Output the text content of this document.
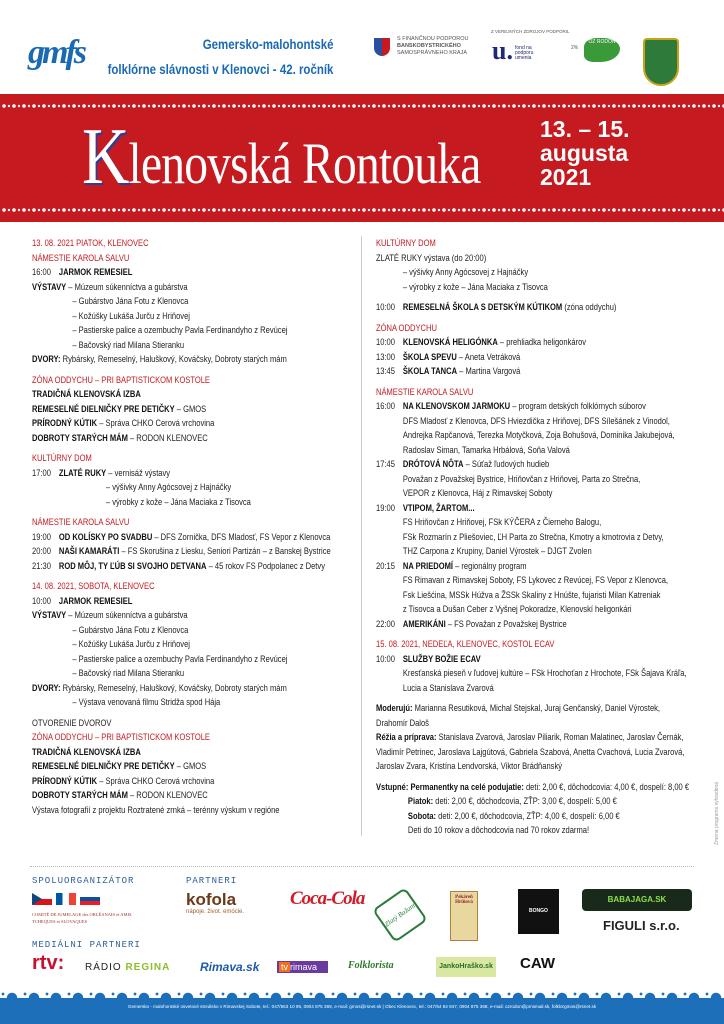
gmfs	Gemersko-malohontské
folklórne slávnosti v Klenovci - 42. ročník
S FINANČNOU PODPOROU
BANSKOBYSTRICKÉHO
SAMOSPRÁVNEHO KRAJA
Z VEREJNÝCH ZDROJOV PODPORIL
u. fond na podporu umenia
2%
OZ RODON
Klenovská Rontouka
13. – 15.
augusta
2021
13. 08. 2021 PIATOK, KLENOVEC
NÁMESTIE KAROLA SALVU
16:00 JARMOK REMESIEL
VÝSTAVY – Múzeum súkenníctva a gubárstva
– Gubárstvo Jána Fotu z Klenovca
– Kožúšky Lukáša Jurču z Hriňovej
– Pastierske palice a ozembuchy Pavla Ferdinandyho z Revúcej
– Bačovský riad Milana Stieranku
DVORY: Rybársky, Remeselný, Haluškový, Kováčsky, Dobroty starých mám
ZÓNA ODDYCHU – PRI BAPTISTICKOM KOSTOLE
TRADIČNÁ KLENOVSKÁ IZBA
REMESELNÉ DIELNIČKY PRE DETIČKY – GMOS
PRÍRODNÝ KÚTIK – Správa CHKO Cerová vrchovina
DOBROTY STARÝCH MÁM – RODON KLENOVEC
KULTÚRNY DOM
17:00 ZLATÉ RUKY – vernisáž výstavy
– výšivky Anny Agócsovej z Hajnáčky
– výrobky z kože – Jána Maciaka z Tisovca
NÁMESTIE KAROLA SALVU
19:00 OD KOLÍSKY PO SVADBU – DFS Zornička, DFS Mladosť, FS Vepor z Klenovca
20:00 NAŠI KAMARÁTI – FS Skorušina z Liesku, Seniori Partizán – z Banskej Bystrice
21:30 ROD MÔJ, TY ĽÚB SI SVOJHO DETVANA – 45 rokov FS Podpolanec z Detvy
14. 08. 2021, SOBOTA, KLENOVEC
10:00 JARMOK REMESIEL
VÝSTAVY – Múzeum súkenníctva a gubárstva
– Gubárstvo Jána Fotu z Klenovca
– Kožúšky Lukáša Jurču z Hriňovej
– Pastierske palice a ozembuchy Pavla Ferdinandyho z Revúcej
– Bačovský riad Milana Stieranku
DVORY: Rybársky, Remeselný, Haluškový, Kováčsky, Dobroty starých mám
– Výstava venovaná filmu Stridža spod Hája
OTVORENIE DVOROV
ZÓNA ODDYCHU – PRI BAPTISTICKOM KOSTOLE
TRADIČNÁ KLENOVSKÁ IZBA
REMESELNÉ DIELNIČKY PRE DETIČKY – GMOS
PRÍRODNÝ KÚTIK – Správa CHKO Cerová vrchovina
DOBROTY STARÝCH MÁM – RODON KLENOVEC
Výstava fotografií z projektu Roztratené zrnká – terénny výskum v regióne
KULTÚRNY DOM
ZLATÉ RUKY výstava (do 20:00)
– výšivky Anny Agócsovej z Hajnáčky
– výrobky z kože – Jána Maciaka z Tisovca
10:00 REMESELNÁ ŠKOLA S DETSKÝM KÚTIKOM (zóna oddychu)
ZÓNA ODDYCHU
10:00 KLENOVSKÁ HELIGÓNKA – prehliadka heligonkárov
13:00 ŠKOLA SPEVU – Aneta Vetráková
13:45 ŠKOLA TANCA – Martina Vargová
NÁMESTIE KAROLA SALVU
16:00 NA KLENOVSKOM JARMOKU – program detských folklórnych súborov
DFS Mladosť z Klenovca, DFS Hviezdička z Hriňovej, DFS Sílešánek z Vinodol,
Andrejka Rapčanová, Terezka Motyčková, Zoja Bohušová, Dominika Jakubejová,
Radoslav Siman, Tamarka Hrbálová, Soňa Valová
17:45 DRÓTOVÁ NÔTA – Súťaž ľudových hudieb
Považan z Považskej Bystrice, Hriňovčan z Hriňovej, Parta zo Strečna,
VEPOR z Klenovca, Háj z Rimavskej Soboty
19:00 VTIPOM, ŽARTOM...
FS Hriňovčan z Hriňovej, FSk KÝČERA z Čierneho Balogu,
FSk Rozmarín z Pliešoviec, ĽH Parta zo Strečna, Kmotry a kmotrovia z Detvy,
THZ Carpona z Krupiny, Daniel Výrostek – DJGT Zvolen
20:15 NA PRIEDOMÍ – regionálny program
FS Rimavan z Rimavskej Soboty, FS Lykovec z Revúcej, FS Vepor z Klenovca,
Fsk Liešćina, MSSk Húžva a ŽSSk Skaliny z Hnúšte, fujaristi Milan Katreniak
z Tisovca a Dušan Ceber z Vyšnej Pokoradze, Klenovskí heligonkári
22:00 AMERIKÁNI – FS Považan z Považskej Bystrice
15. 08. 2021, NEDEĽA, KLENOVEC, KOSTOL ECAV
10:00 SLUŽBY BOŽIE ECAV
Kresťanská pieseň v ľudovej kultúre – FSk Hrochoťan z Hrochote, FSk Šajava Kráľa,
Lucia a Stanislava Zvarová
Moderujú: Marianna Resutiková, Michal Stejskal, Juraj Genčanský, Daniel Výrostek,
Drahomír Daloš
Réžia a príprava: Stanislava Zvarová, Jaroslav Piliarik, Roman Malatinec, Jaroslav Černák,
Vladimír Petrinec, Jaroslava Lajgútová, Gabriela Szabová, Anetta Cvachová, Lucia Zvarová,
Jaroslav Zvara, Kristína Lendvorská, Viktor Brádňanský
Vstupné: Permanentky na celé podujatie: deti: 2,00 €, dôchodcovia: 4,00 €, dospelí: 8,00 €
Piatok: deti: 2,00 €, dôchodcovia, ZŤP: 3,00 €, dospelí: 5,00 €
Sobota: deti: 2,00 €, dôchodcovia, ZŤP: 4,00 €, dospelí: 6,00 €
Deti do 10 rokov a dôchodcovia nad 70 rokov zdarma!	Zmena programu vyhradená
SPOLUORGANIZÁTOR
COMITÉ DE JUMELAGE des ORLÉANAIS et AMIS TCHEQUES et SLOVAQUES
PARTNERI
kofola
nápoje. život. emócie.
Coca-Cola
Zlatý Bažant
Pekáreň Hriňová
BONGO
BABAJAGA.SK
FIGULI s.r.o.
MEDIÁLNI PARTNERI
rtv: RÁDIO REGINA Rimava.sk	tv rimava	Folklorista	JankoHraško.sk CAW
Gemersko - malohontské osvetové stredisko v Rimavskej Sobote, tel.: 047/563 10 95, 0904 875 369, e-mail: gmos@rsnet.sk | Obec Klenovec, tel.: 047/54 84 947, 0904 875 368, e-mail: ozrodon@pmsmail.sk, folklorgmos@rsnet.sk
